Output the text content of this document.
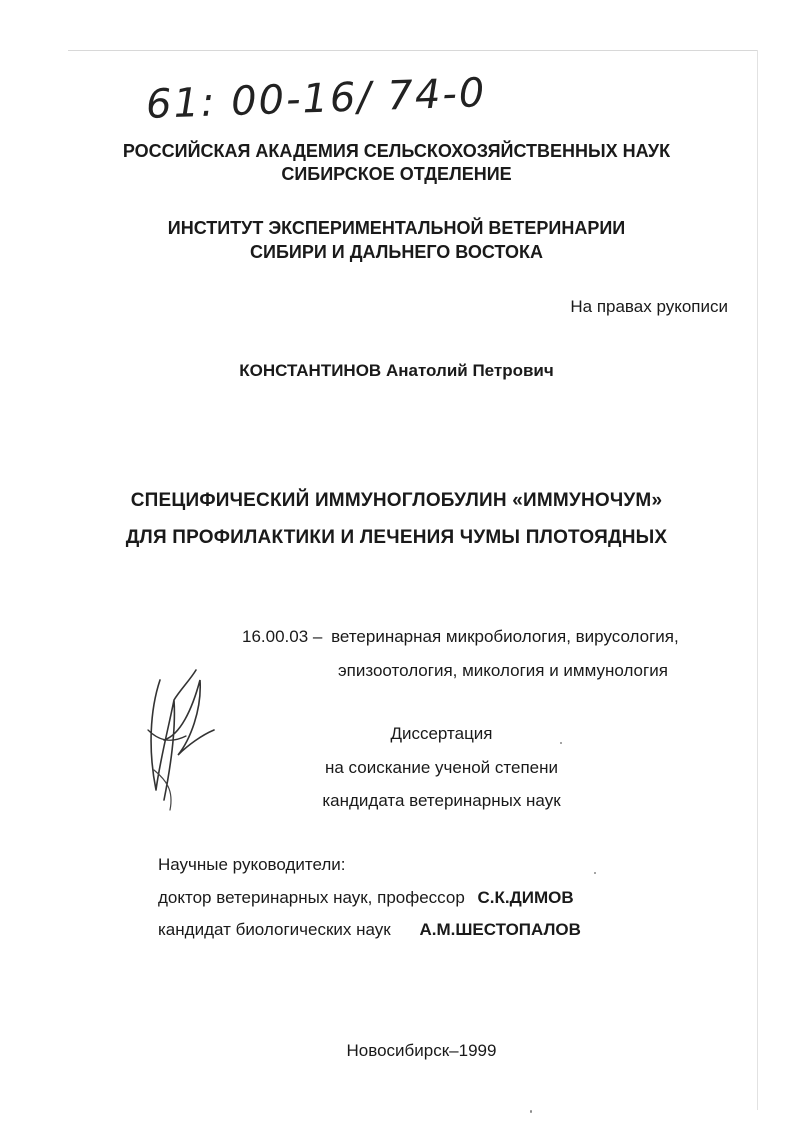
61: 00-16/ 74-0
РОССИЙСКАЯ АКАДЕМИЯ СЕЛЬСКОХОЗЯЙСТВЕННЫХ НАУК
СИБИРСКОЕ ОТДЕЛЕНИЕ
ИНСТИТУТ ЭКСПЕРИМЕНТАЛЬНОЙ ВЕТЕРИНАРИИ
СИБИРИ И ДАЛЬНЕГО ВОСТОКА
На правах рукописи
КОНСТАНТИНОВ Анатолий Петрович
СПЕЦИФИЧЕСКИЙ ИММУНОГЛОБУЛИН «ИММУНОЧУМ»
ДЛЯ ПРОФИЛАКТИКИ И ЛЕЧЕНИЯ ЧУМЫ ПЛОТОЯДНЫХ
16.00.03 – ветеринарная микробиология, вирусология,
эпизоотология, микология и иммунология
Диссертация
на соискание ученой степени
кандидата ветеринарных наук
Научные руководители:
доктор ветеринарных наук, профессор С.К.ДИМОВ
кандидат биологических наук А.М.ШЕСТОПАЛОВ
Новосибирск–1999
